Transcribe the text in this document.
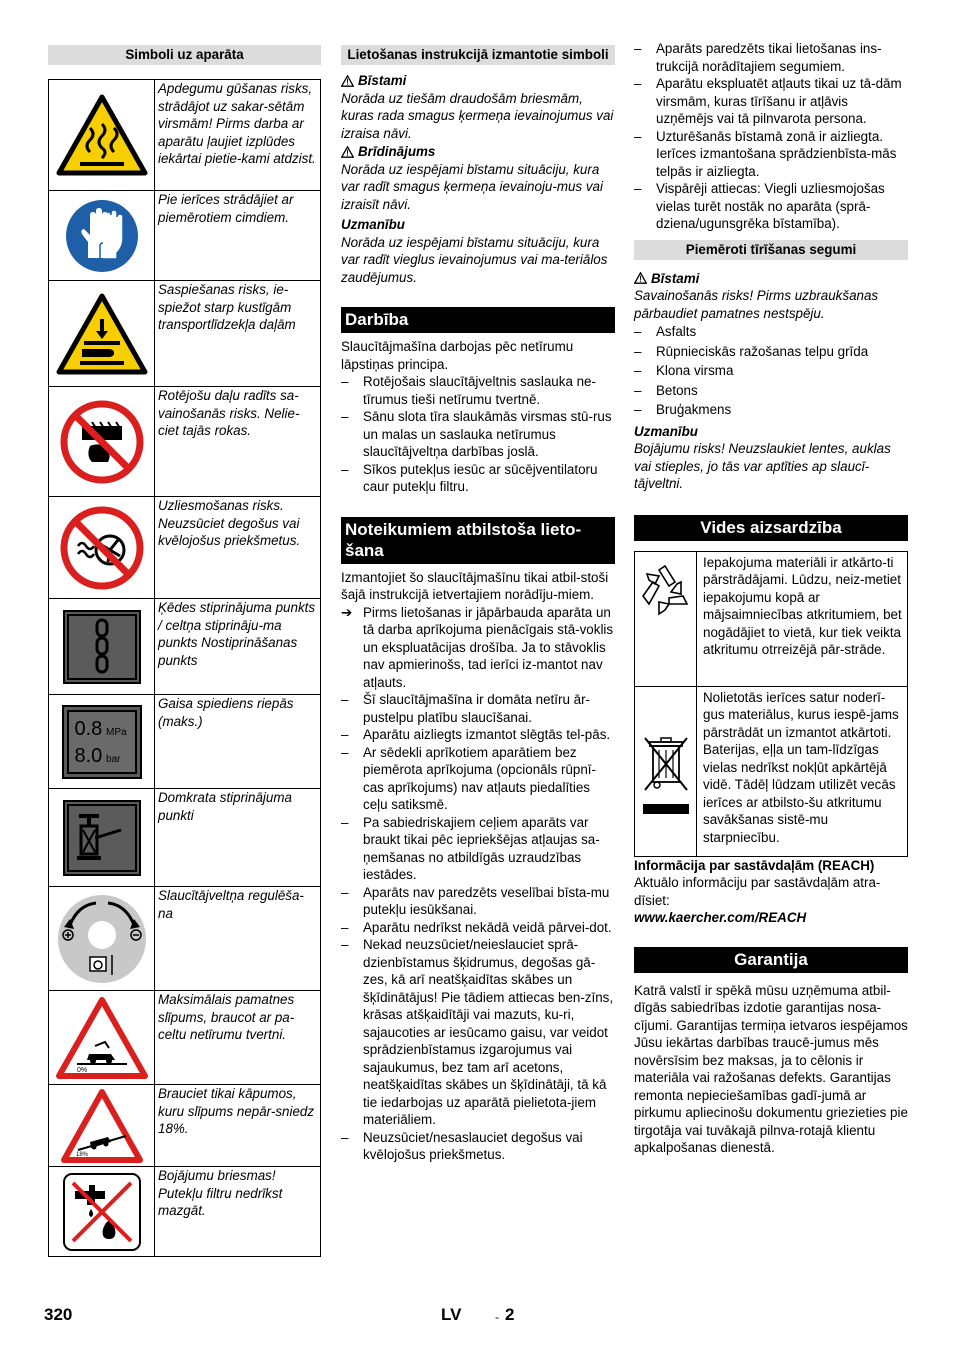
Simboli uz aparāta
Apdegumu gūšanas risks, strādājot uz sakar-sētām virsmām! Pirms darba ar aparātu ļaujiet izplūdes iekārtai pietie-kami atdzist.
Pie ierīces strādājiet ar piemērotiem cimdiem.
Saspiešanas risks, ie-spiežot starp kustīgām transportlīdzekļa daļām
Rotējošu daļu radīts sa-vainošanās risks. Nelie-ciet tajās rokas.
Uzliesmošanas risks. Neuzsūciet degošus vai kvēlojošus priekšmetus.
Ķēdes stiprinājuma punkts / celtņa stiprināju-ma punkts Nostiprināšanas punkts
0.8 MPa
8.0 bar
Gaisa spiediens riepās (maks.)
Domkrata stiprinājuma punkti
Slaucītājveltņa regulēša-na
0%
Maksimālais pamatnes slīpums, braucot ar pa-celtu netīrumu tvertni.
18%
Brauciet tikai kāpumos, kuru slīpums nepār-sniedz 18%.
Bojājumu briesmas! Putekļu filtru nedrīkst mazgāt.
Lietošanas instrukcijā izmantotie simboli
Bīstami

Norāda uz tiešām draudošām briesmām, kuras rada smagus ķermeņa ievainojumus vai izraisa nāvi.

Brīdinājums

Norāda uz iespējami bīstamu situāciju, kura var radīt smagus ķermeņa ievainoju-mus vai izraisīt nāvi.

Uzmanību

Norāda uz iespējami bīstamu situāciju, kura var radīt vieglus ievainojumus vai ma-teriālos zaudējumus.

Darbība

Slaucītājmašīna darbojas pēc netīrumu lāpstiņas principa.

– Rotējošais slaucītājveltnis saslauka ne-tīrumus tieši netīrumu tvertnē.
– Sānu slota tīra slaukāmās virsmas stū-rus un malas un saslauka netīrumus slaucītājveltņa darbības joslā.
– Sīkos putekļus iesūc ar sūcējventilatoru caur putekļu filtru.
Noteikumiem atbilstoša lieto-šana

Izmantojiet šo slaucītājmašīnu tikai atbil-stoši šajā instrukcijā ietvertajiem norādīju-miem.

➔ Pirms lietošanas ir jāpārbauda aparāta un tā darba aprīkojuma pienācīgais stā-voklis un ekspluatācijas drošība. Ja to stāvoklis nav apmierinošs, tad ierīci iz-mantot nav atļauts.
– Šī slaucītājmašīna ir domāta netīru ār-pustelpu platību slaucīšanai.
– Aparātu aizliegts izmantot slēgtās tel-pās.
– Ar sēdekli aprīkotiem aparātiem bez piemērota aprīkojuma (opcionāls rūpnī-cas aprīkojums) nav atļauts piedalīties ceļu satiksmē.
– Pa sabiedriskajiem ceļiem aparāts var braukt tikai pēc iepriekšējas atļaujas sa-ņemšanas no atbildīgās uzraudzības iestādes.
– Aparāts nav paredzēts veselībai bīsta-mu putekļu iesūkšanai.
– Aparātu nedrīkst nekādā veidā pārvei-dot.
– Nekad neuzsūciet/neieslauciet sprā-dzienbīstamus šķidrumus, degošas gā-zes, kā arī neatšķaidītas skābes un šķīdinātājus! Pie tādiem attiecas ben-zīns, krāsas atšķaidītāji vai mazuts, ku-ri, sajaucoties ar iesūcamo gaisu, var veidot sprādzienbīstamus izgarojumus vai sajaukumus, bez tam arī acetons, neatšķaidītas skābes un šķīdinātāji, tā kā tie iedarbojas uz aparātā pielietota-jiem materiāliem.
– Neuzsūciet/nesaslauciet degošus vai kvēlojošus priekšmetus.
– Aparāts paredzēts tikai lietošanas ins-trukcijā norādītajiem segumiem.
– Aparātu ekspluatēt atļauts tikai uz tā-dām virsmām, kuras tīrīšanu ir atļāvis uzņēmējs vai tā pilnvarota persona.
– Uzturēšanās bīstamā zonā ir aizliegta. Ierīces izmantošana sprādzienbīsta-mās telpās ir aizliegta.
– Vispārēji attiecas: Viegli uzliesmojošas vielas turēt nostāk no aparāta (sprā-dziena/ugunsgrēka bīstamība).
Piemēroti tīrīšanas segumi
Bīstami

Savainošanās risks! Pirms uzbraukšanas pārbaudiet pamatnes nestspēju.

– Asfalts
– Rūpnieciskās ražošanas telpu grīda
– Klona virsma
– Betons
– Bruģakmens

Uzmanību

Bojājumu risks! Neuzslaukiet lentes, auklas vai stieples, jo tās var aptīties ap slaucī-tājveltni.

Vides aizsardzība
Iepakojuma materiāli ir atkārto-ti pārstrādājami. Lūdzu, neiz-metiet iepakojumu kopā ar mājsaimniecības atkritumiem, bet nogādājiet to vietā, kur tiek veikta atkritumu otrreizējā pār-strāde.
Nolietotās ierīces satur noderī-gus materiālus, kurus iespē-jams pārstrādāt un izmantot atkārtoti. Baterijas, eļļa un tam-līdzīgas vielas nedrīkst nokļūt apkārtējā vidē. Tādēļ lūdzam utilizēt vecās ierīces ar atbilsto-šu atkritumu savākšanas sistē-mu starpniecību.

Informācija par sastāvdaļām (REACH)

Aktuālo informāciju par sastāvdaļām atra-dīsiet:

www.kaercher.com/REACH

Garantija

Katrā valstī ir spēkā mūsu uzņēmuma atbil-dīgās sabiedrības izdotie garantijas nosa-cījumi. Garantijas termiņa ietvaros iespējamos Jūsu iekārtas darbības traucē-jumus mēs novērsīsim bez maksas, ja to cēlonis ir materiāla vai ražošanas defekts. Garantijas remonta nepieciešamības gadī-jumā ar pirkumu apliecinošu dokumentu griezieties pie tirgotāja vai tuvākajā pilnva-rotajā klientu apkalpošanas dienestā.

320	LV	- 2
